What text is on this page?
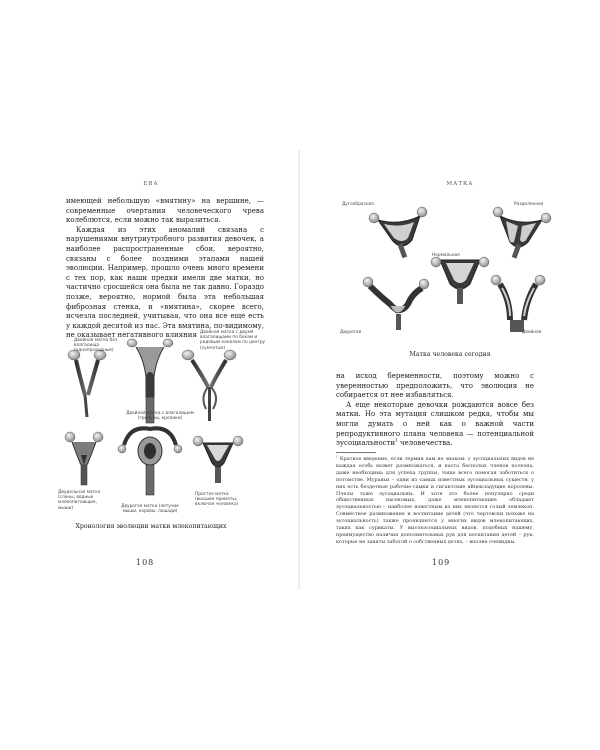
ЕВА

имеющей небольшую «вмятину» на вершине, — современные очертания человеческого чрева колеблются, если можно так выразиться.

Каждая из этих аномалий связана с нарушениями внутриутробного развития девочек, а наиболее распространенные сбои, вероятно, связаны с более поздними этапами нашей эволюции. Например, прошло очень много времени с тех пор, как наши предки имели две матки, но частично сросшейся она была не так давно. Гораздо позже, вероятно, нормой была эта небольшая фиброзная стенка, и «вмятина», скорее всего, исчезла последней, учитывая, что она все еще есть у каждой десятой из нас. Эта вмятина, по-видимому, не оказывает негативного влияния

Двойная матка без влагалища (однопроходные)
Двойная матка с двумя влагалищами по бокам и родовым каналом по центру (сумчатые)
Двойная матка с влагалищем (грызуны, кролики)
Двудольная матка (слоны, водные млекопитающие, мыши)	Двурогая матка (летучие мыши, коровы, лошади)
Простая матка (высшие приматы, включая человека)
Хронология эволюции матки млекопитающих
108
МАТКА
Дугообразная	Разделенная
Нормальная
Двурогая	Двойная
Матка человека сегодня

на исход беременности, поэтому можно с уверенностью предположить, что эволюция не собирается от нее избавляться.

А еще некоторые девочки рождаются вовсе без матки. Но эта мутация слишком редка, чтобы мы могли думать о ней как о важной части репродуктивного плана человека — потенциальной эусоциальности$^1$ человечества.

$^1$ Краткое введение, если термин вам не знаком: у эусоциальных видов не каждая особь может размножаться, и каста бесполых членов полезна, даже необходима для успеха группы, чаще всего помогая заботиться о потомстве. Муравьи – одни из самых известных эусоциальных существ: у них есть бездетные рабочие-самки и гигантские яйцекладущие королевы. Пчелы тоже эусоциальны. И хотя это более популярно среди общественных насекомых, даже млекопитающие обладают эусоциальностью – наиболее известным из них является голый землекоп. Совместное размножение и воспитание детей (что чертовски похоже на эусоциальность) также проявляются у многих видов млекопитающих, таких как сурикаты. У высокосоциальных видов, подобных нашему, преимущество наличия дополнительных рук для воспитания детей – рук, которые не заняты заботой о собственных детях, – вполне очевидны.
109
